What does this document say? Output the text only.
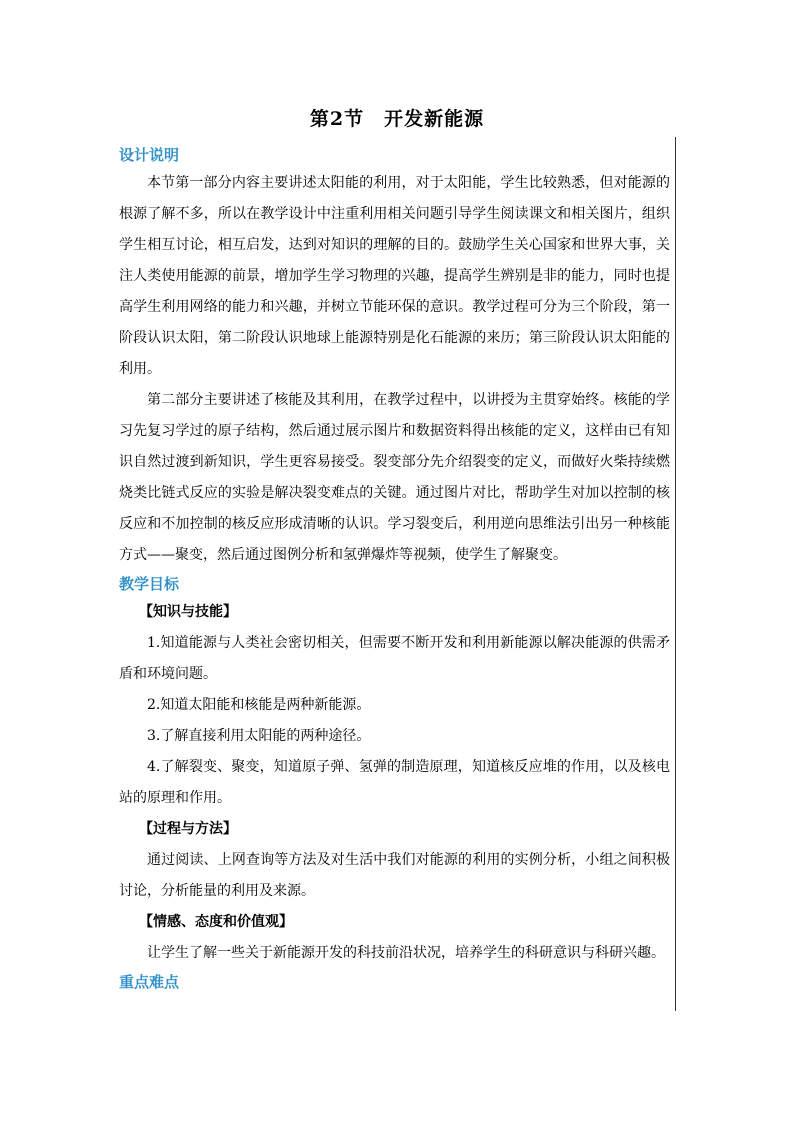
第2节　开发新能源

设计说明

本节第一部分内容主要讲述太阳能的利用，对于太阳能，学生比较熟悉，但对能源的根源了解不多，所以在教学设计中注重利用相关问题引导学生阅读课文和相关图片，组织学生相互讨论，相互启发，达到对知识的理解的目的。鼓励学生关心国家和世界大事，关注人类使用能源的前景，增加学生学习物理的兴趣，提高学生辨别是非的能力，同时也提高学生利用网络的能力和兴趣，并树立节能环保的意识。教学过程可分为三个阶段，第一阶段认识太阳，第二阶段认识地球上能源特别是化石能源的来历；第三阶段认识太阳能的利用。

第二部分主要讲述了核能及其利用，在教学过程中，以讲授为主贯穿始终。核能的学习先复习学过的原子结构，然后通过展示图片和数据资料得出核能的定义，这样由已有知识自然过渡到新知识，学生更容易接受。裂变部分先介绍裂变的定义，而做好火柴持续燃烧类比链式反应的实验是解决裂变难点的关键。通过图片对比，帮助学生对加以控制的核反应和不加控制的核反应形成清晰的认识。学习裂变后，利用逆向思维法引出另一种核能方式——聚变，然后通过图例分析和氢弹爆炸等视频，使学生了解聚变。

教学目标

【知识与技能】

1.知道能源与人类社会密切相关，但需要不断开发和利用新能源以解决能源的供需矛盾和环境问题。

2.知道太阳能和核能是两种新能源。

3.了解直接利用太阳能的两种途径。

4.了解裂变、聚变，知道原子弹、氢弹的制造原理，知道核反应堆的作用，以及核电站的原理和作用。

【过程与方法】

通过阅读、上网查询等方法及对生活中我们对能源的利用的实例分析，小组之间积极讨论，分析能量的利用及来源。

【情感、态度和价值观】

让学生了解一些关于新能源开发的科技前沿状况，培养学生的科研意识与科研兴趣。

重点难点
